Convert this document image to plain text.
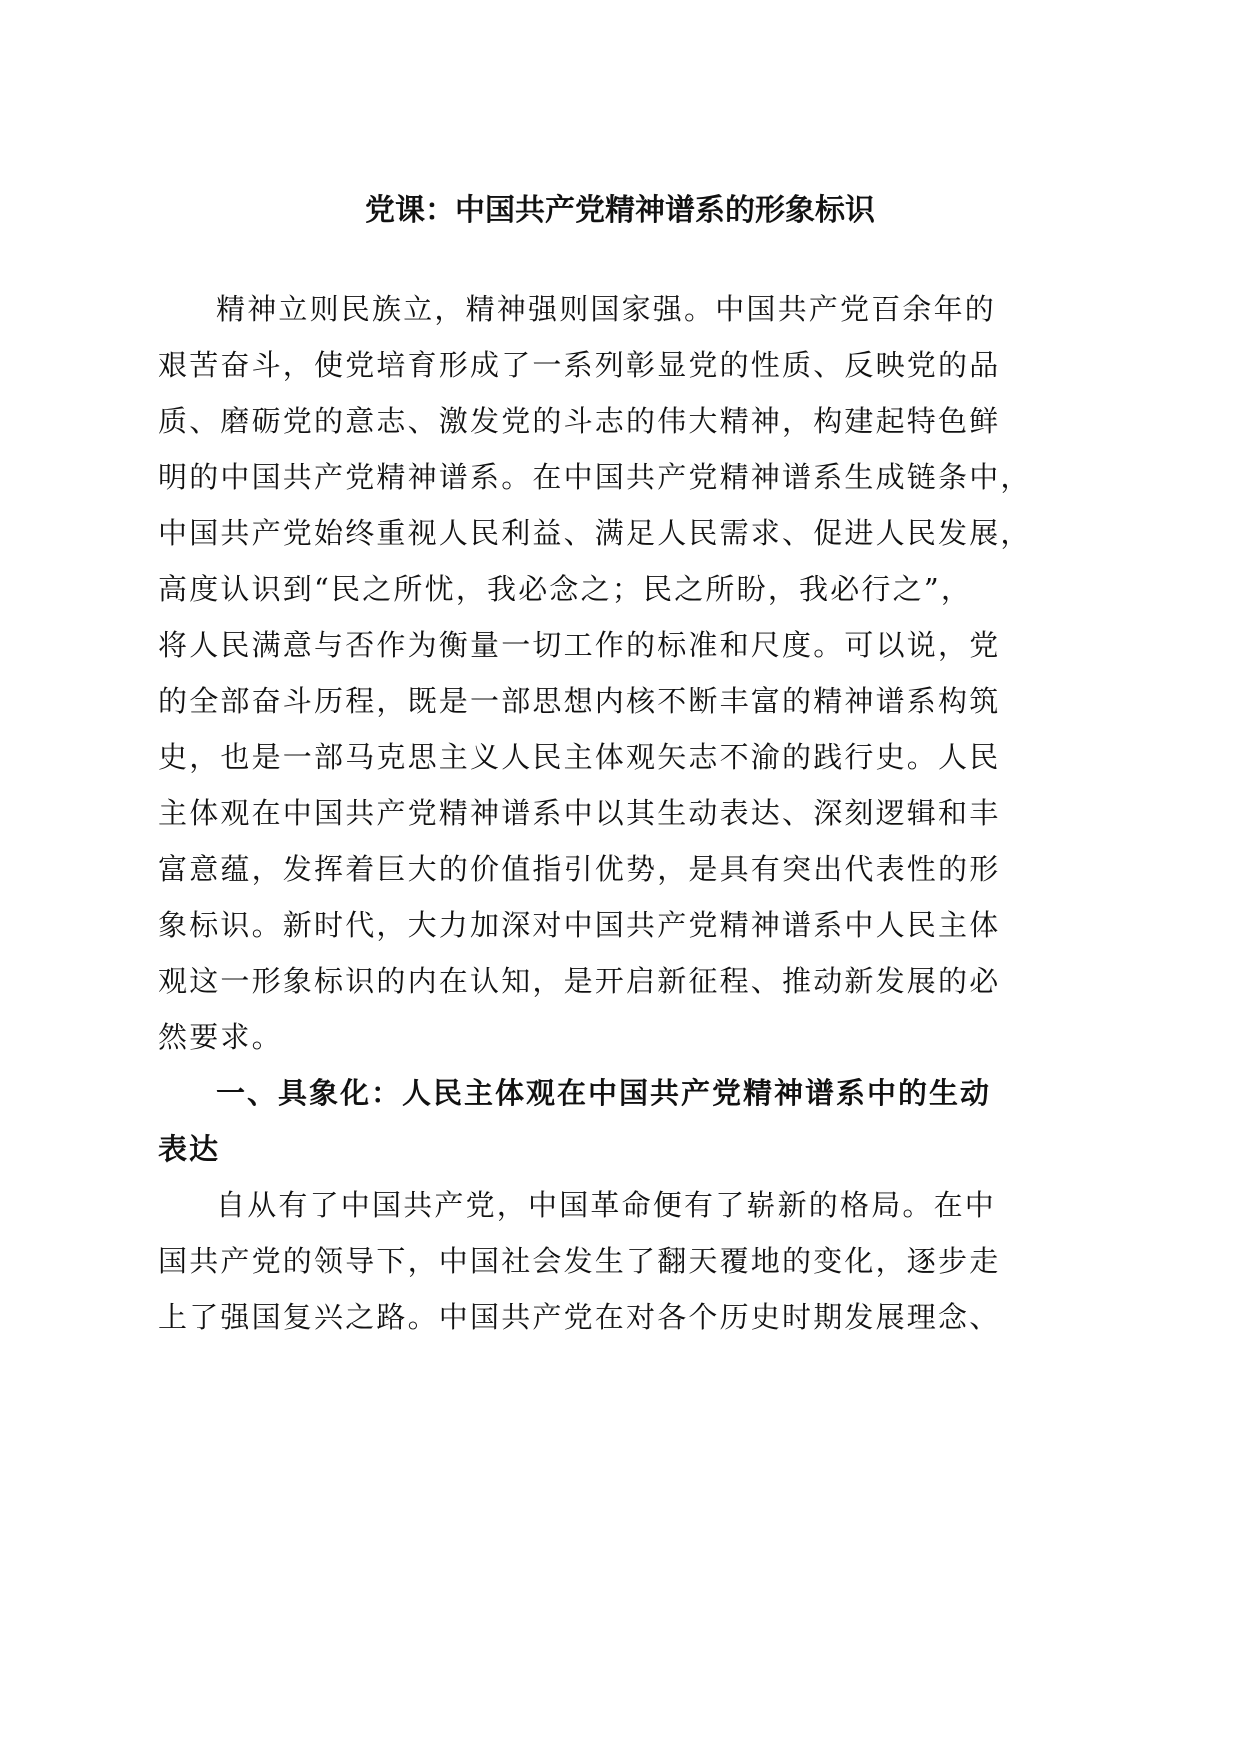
党课：中国共产党精神谱系的形象标识
精神立则民族立，精神强则国家强。中国共产党百余年的
艰苦奋斗，使党培育形成了一系列彰显党的性质、反映党的品
质、磨砺党的意志、激发党的斗志的伟大精神，构建起特色鲜
明的中国共产党精神谱系。在中国共产党精神谱系生成链条中，
中国共产党始终重视人民利益、满足人民需求、促进人民发展，
高度认识到“民之所忧，我必念之；民之所盼，我必行之”，
将人民满意与否作为衡量一切工作的标准和尺度。可以说，党
的全部奋斗历程，既是一部思想内核不断丰富的精神谱系构筑
史，也是一部马克思主义人民主体观矢志不渝的践行史。人民
主体观在中国共产党精神谱系中以其生动表达、深刻逻辑和丰
富意蕴，发挥着巨大的价值指引优势，是具有突出代表性的形
象标识。新时代，大力加深对中国共产党精神谱系中人民主体
观这一形象标识的内在认知，是开启新征程、推动新发展的必
然要求。
一、具象化：人民主体观在中国共产党精神谱系中的生动
表达
自从有了中国共产党，中国革命便有了崭新的格局。在中
国共产党的领导下，中国社会发生了翻天覆地的变化，逐步走
上了强国复兴之路。中国共产党在对各个历史时期发展理念、
